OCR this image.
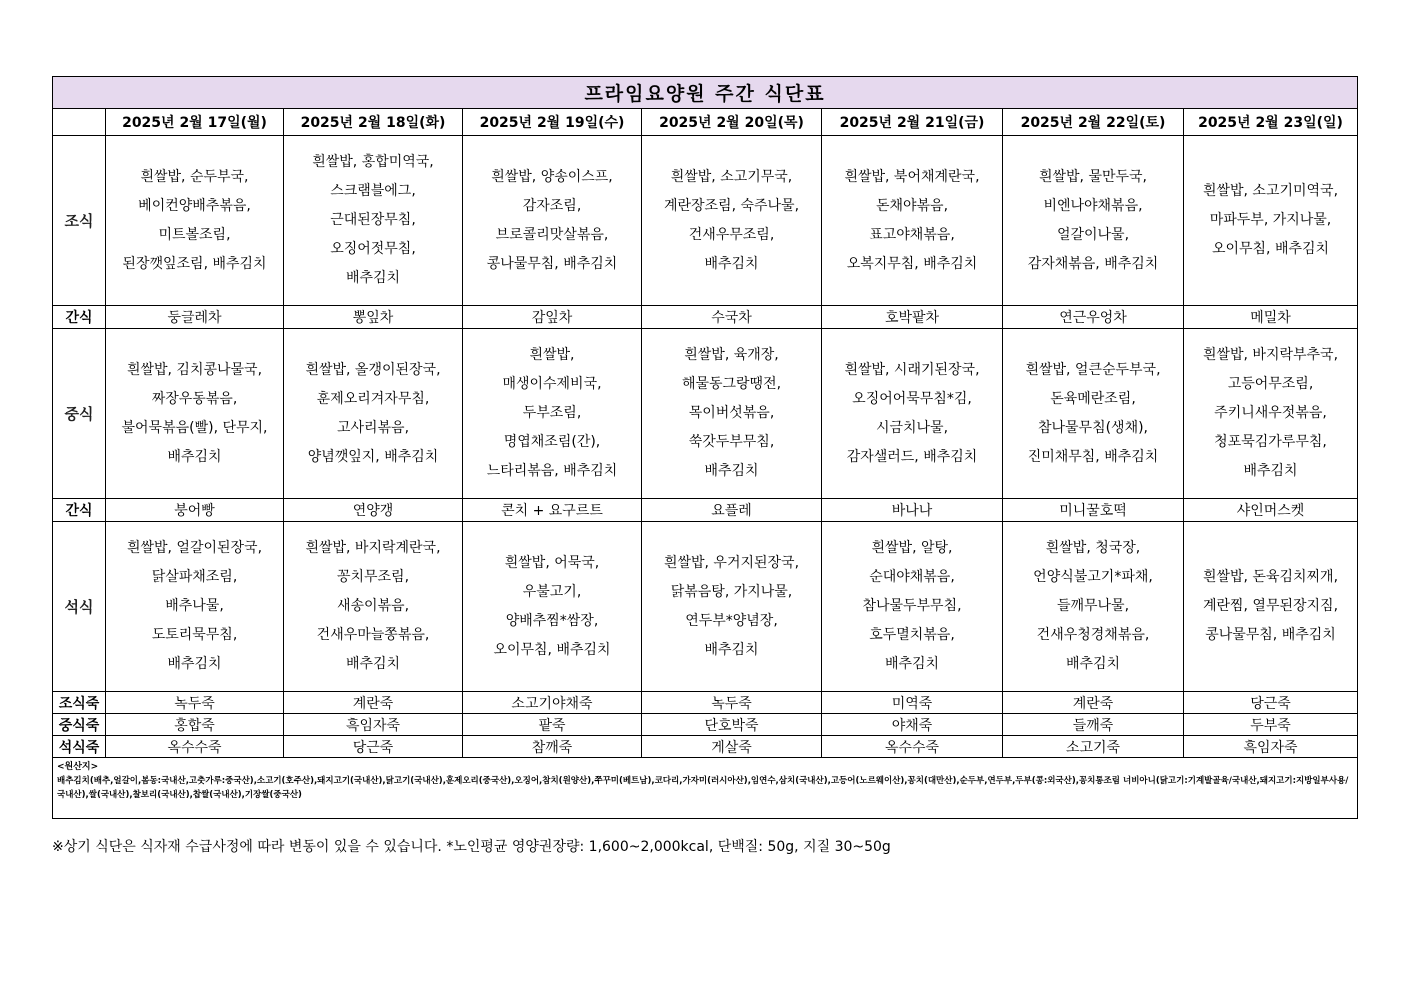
프라임요양원 주간 식단표							
	2025년 2월 17일(월)	2025년 2월 18일(화)	2025년 2월 19일(수)	2025년 2월 20일(목)	2025년 2월 21일(금)	2025년 2월 22일(토)	2025년 2월 23일(일)
조식	흰쌀밥, 순두부국,
베이컨양배추볶음,
미트볼조림,
된장깻잎조림, 배추김치	흰쌀밥, 홍합미역국,
스크램블에그,
근대된장무침,
오징어젓무침,
배추김치	흰쌀밥, 양송이스프,
감자조림,
브로콜리맛살볶음,
콩나물무침, 배추김치	흰쌀밥, 소고기무국,
계란장조림, 숙주나물,
건새우무조림,
배추김치	흰쌀밥, 북어채계란국,
돈채야볶음,
표고야채볶음,
오복지무침, 배추김치	흰쌀밥, 물만두국,
비엔나야채볶음,
얼갈이나물,
감자채볶음, 배추김치	흰쌀밥, 소고기미역국,
마파두부, 가지나물,
오이무침, 배추김치

간식	둥글레차	뽕잎차	감잎차	수국차	호박팥차	연근우엉차	메밀차
중식	흰쌀밥, 김치콩나물국,
짜장우동볶음,
불어묵볶음(빨), 단무지,
배추김치	흰쌀밥, 올갱이된장국,
훈제오리겨자무침,
고사리볶음,
양념깻잎지, 배추김치	흰쌀밥,
매생이수제비국,
두부조림,
명엽채조림(간),
느타리볶음, 배추김치	흰쌀밥, 육개장,
해물동그랑땡전,
목이버섯볶음,
쑥갓두부무침,
배추김치	흰쌀밥, 시래기된장국,
오징어어묵무침*김,
시금치나물,
감자샐러드, 배추김치	흰쌀밥, 얼큰순두부국,
돈육메란조림,
참나물무침(생채),
진미채무침, 배추김치	흰쌀밥, 바지락부추국,
고등어무조림,
주키니새우젓볶음,
청포묵김가루무침,
배추김치

간식	붕어빵	연양갱	콘치 + 요구르트	요플레	바나나	미니꿀호떡	샤인머스켓
석식	흰쌀밥, 얼갈이된장국,
닭살파채조림,
배추나물,
도토리묵무침,
배추김치	흰쌀밥, 바지락계란국,
꽁치무조림,
새송이볶음,
건새우마늘쫑볶음,
배추김치	흰쌀밥, 어묵국,
우불고기,
양배추찜*쌈장,
오이무침, 배추김치	흰쌀밥, 우거지된장국,
닭볶음탕, 가지나물,
연두부*양념장,
배추김치	흰쌀밥, 알탕,
순대야채볶음,
참나물두부무침,
호두멸치볶음,
배추김치	흰쌀밥, 청국장,
언양식불고기*파채,
들깨무나물,
건새우청경채볶음,
배추김치	흰쌀밥, 돈육김치찌개,
계란찜, 열무된장지짐,
콩나물무침, 배추김치

조식죽	녹두죽	계란죽	소고기야채죽	녹두죽	미역죽	계란죽	당근죽
중식죽	홍합죽	흑임자죽	팥죽	단호박죽	야채죽	들깨죽	두부죽
석식죽	옥수수죽	당근죽	참깨죽	게살죽	옥수수죽	소고기죽	흑임자죽

<원산지>
배추김치(배추,얼갈이,봄동:국내산,고춧가루:중국산),소고기(호주산),돼지고기(국내산),닭고기(국내산),훈제오리(중국산),오징어,참치(원양산),쭈꾸미(베트남),코다리,가자미(러시아산),임연수,삼치(국내산),고등어(노르웨이산),꽁치(대만산),순두부,연두부,두부(콩:외국산),꽁치통조림 너비아니(닭고기:기계발골육/국내산,돼지고기:지방일부사용/국내산),쌀(국내산),찰보리(국내산),찹쌀(국내산),기장쌀(중국산)							
※상기 식단은 식자재 수급사정에 따라 변동이 있을 수 있습니다. *노인평균 영양권장량: 1,600~2,000kcal, 단백질: 50g, 지질 30~50g
